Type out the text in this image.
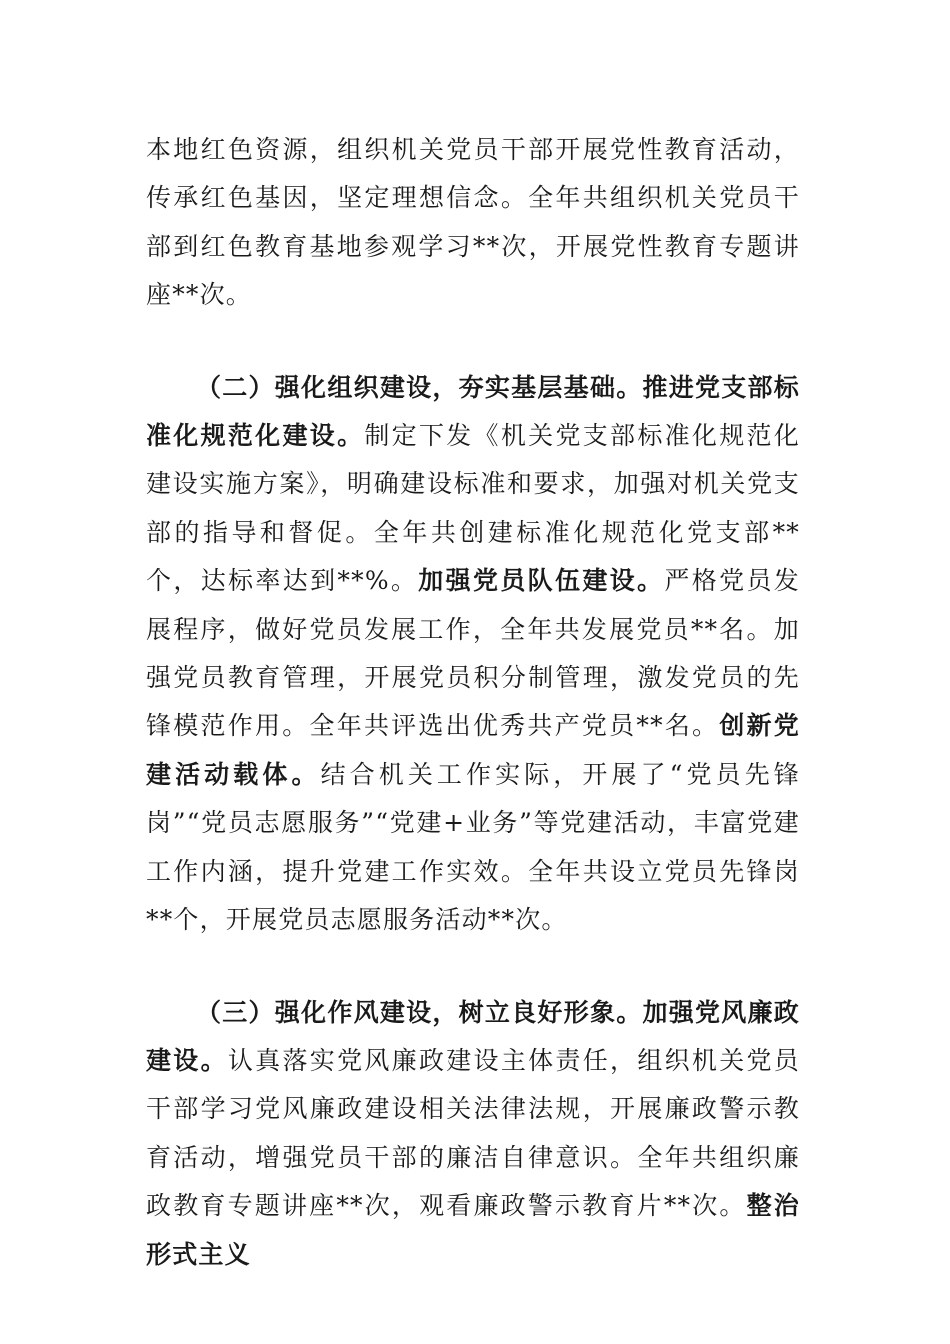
本地红色资源，组织机关党员干部开展党性教育活动，传承红色基因，坚定理想信念。全年共组织机关党员干部到红色教育基地参观学习**次，开展党性教育专题讲座**次。

（二）强化组织建设，夯实基层基础。推进党支部标准化规范化建设。制定下发《机关党支部标准化规范化建设实施方案》，明确建设标准和要求，加强对机关党支部的指导和督促。全年共创建标准化规范化党支部**个，达标率达到**%。加强党员队伍建设。严格党员发展程序，做好党员发展工作，全年共发展党员**名。加强党员教育管理，开展党员积分制管理，激发党员的先锋模范作用。全年共评选出优秀共产党员**名。创新党建活动载体。结合机关工作实际，开展了“党员先锋岗”“党员志愿服务”“党建+业务”等党建活动，丰富党建工作内涵，提升党建工作实效。全年共设立党员先锋岗**个，开展党员志愿服务活动**次。

（三）强化作风建设，树立良好形象。加强党风廉政建设。认真落实党风廉政建设主体责任，组织机关党员干部学习党风廉政建设相关法律法规，开展廉政警示教育活动，增强党员干部的廉洁自律意识。全年共组织廉政教育专题讲座**次，观看廉政警示教育片**次。整治形式主义
